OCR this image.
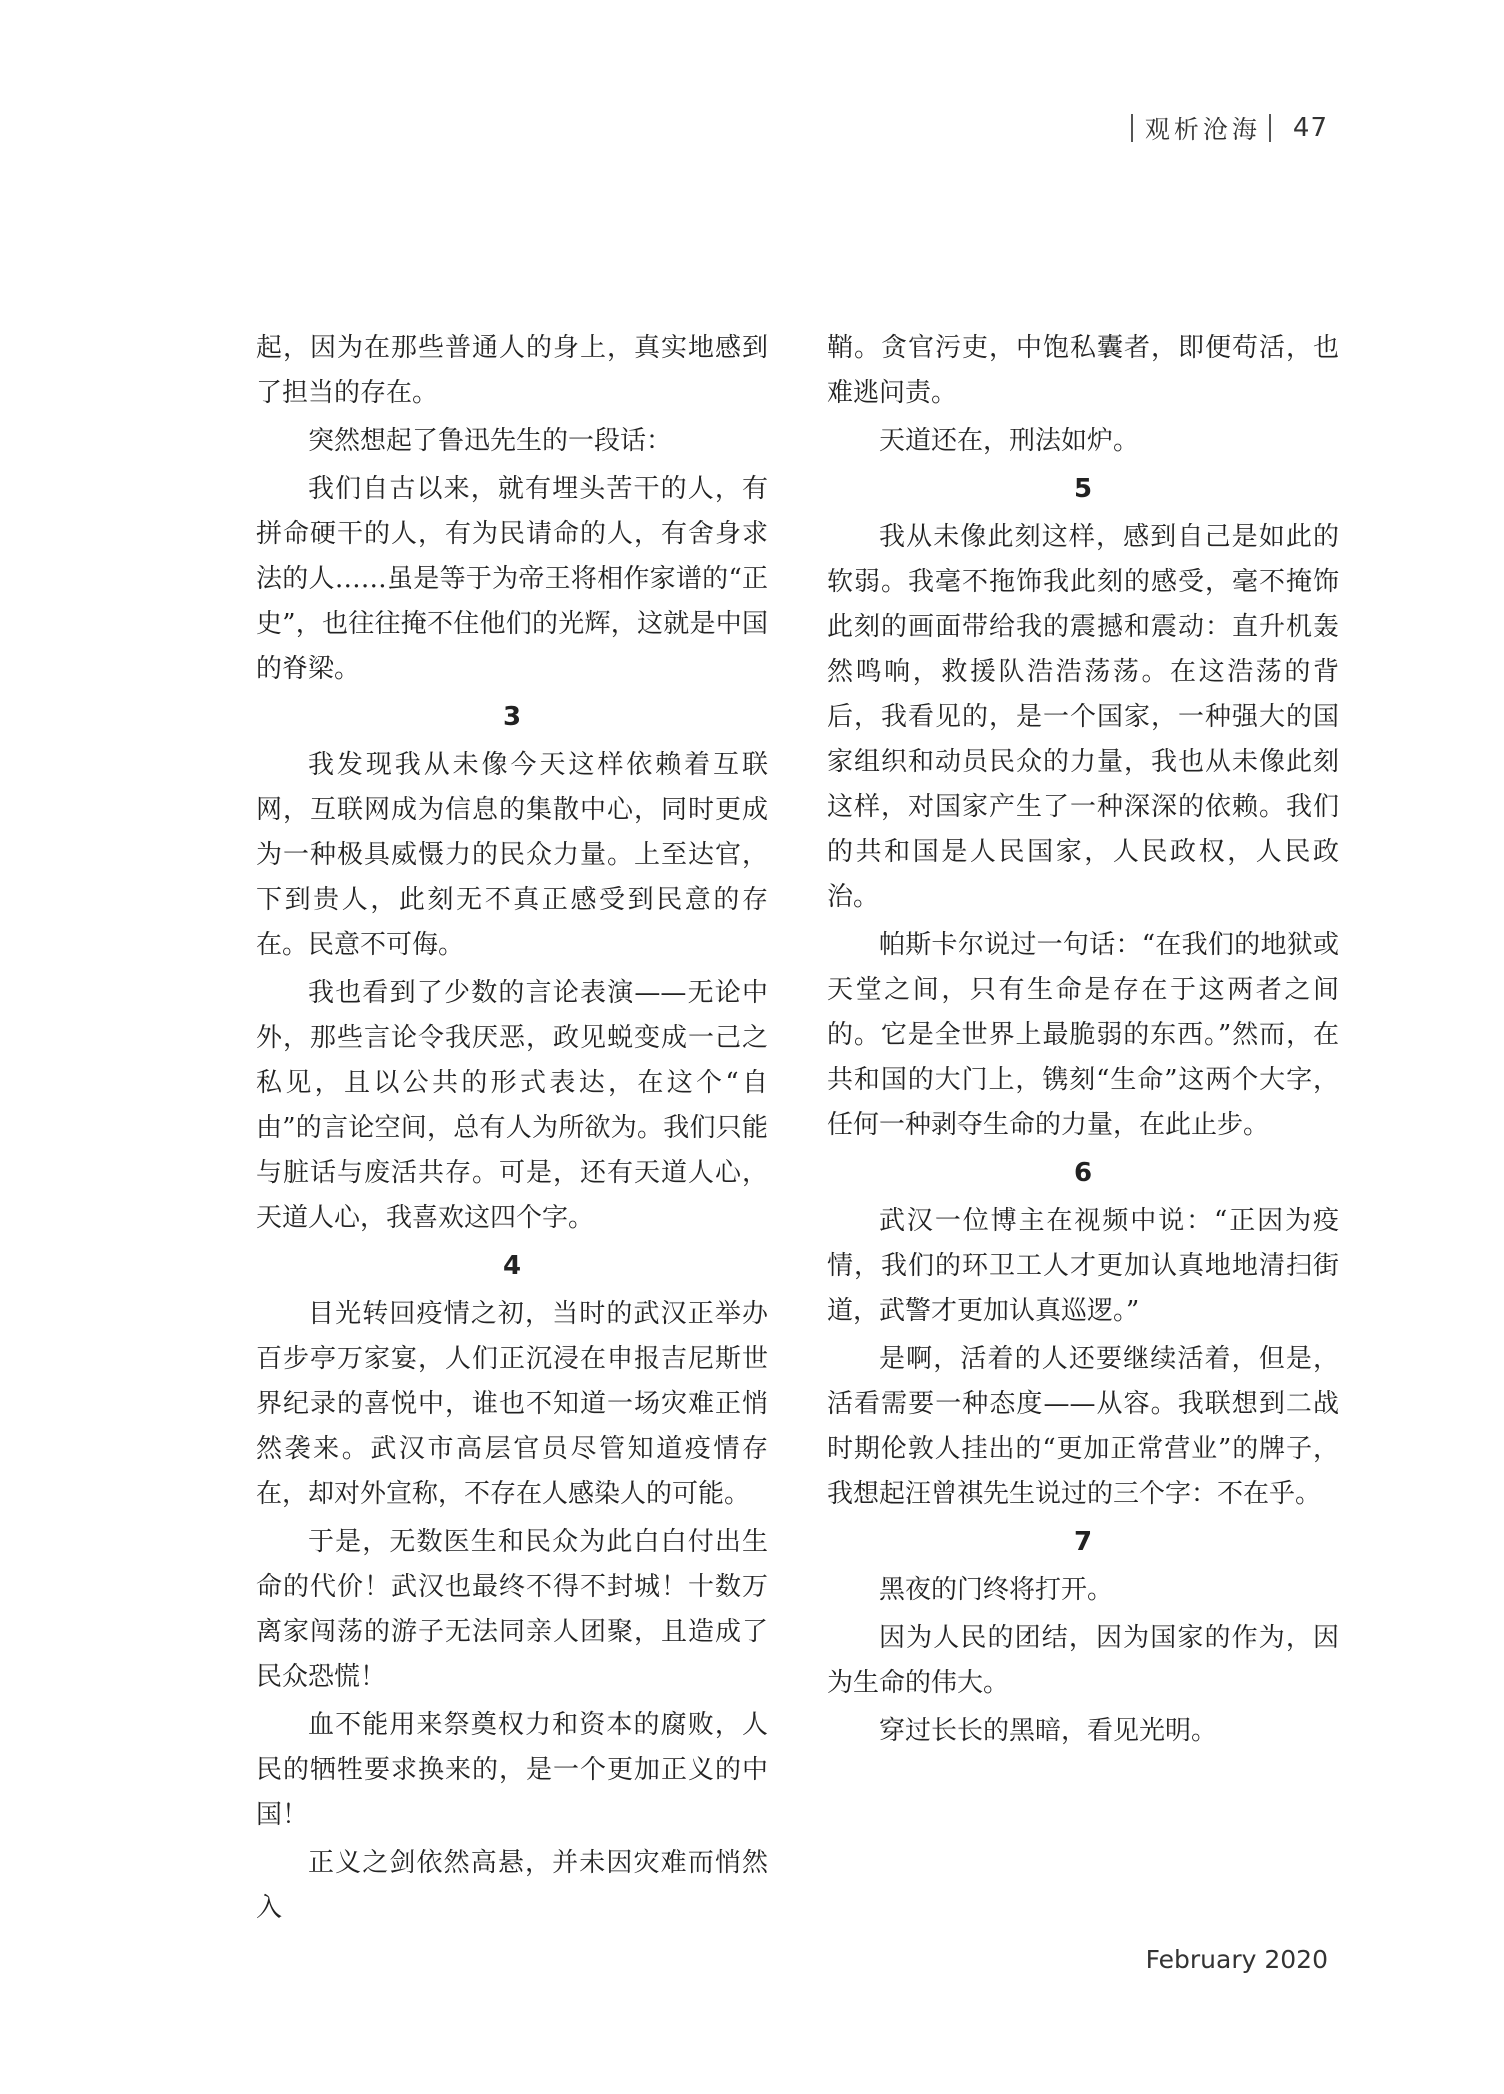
观析沧海 47

起，因为在那些普通人的身上，真实地感到了担当的存在。

突然想起了鲁迅先生的一段话：

我们自古以来，就有埋头苦干的人，有拼命硬干的人，有为民请命的人，有舍身求法的人……虽是等于为帝王将相作家谱的“正史”，也往往掩不住他们的光辉，这就是中国的脊梁。

3

我发现我从未像今天这样依赖着互联网，互联网成为信息的集散中心，同时更成为一种极具威慑力的民众力量。上至达官，下到贵人，此刻无不真正感受到民意的存在。民意不可侮。

我也看到了少数的言论表演——无论中外，那些言论令我厌恶，政见蜕变成一己之私见，且以公共的形式表达，在这个“自由”的言论空间，总有人为所欲为。我们只能与脏话与废活共存。可是，还有天道人心，天道人心，我喜欢这四个字。

4

目光转回疫情之初，当时的武汉正举办百步亭万家宴，人们正沉浸在申报吉尼斯世界纪录的喜悦中，谁也不知道一场灾难正悄然袭来。武汉市高层官员尽管知道疫情存在，却对外宣称，不存在人感染人的可能。

于是，无数医生和民众为此白白付出生命的代价！武汉也最终不得不封城！十数万离家闯荡的游子无法同亲人团聚，且造成了民众恐慌！

血不能用来祭奠权力和资本的腐败，人民的牺牲要求换来的，是一个更加正义的中国！

正义之剑依然高悬，并未因灾难而悄然入

鞘。贪官污吏，中饱私囊者，即便苟活，也难逃问责。

天道还在，刑法如炉。

5

我从未像此刻这样，感到自己是如此的软弱。我毫不拖饰我此刻的感受，毫不掩饰此刻的画面带给我的震撼和震动：直升机轰然鸣响，救援队浩浩荡荡。在这浩荡的背后，我看见的，是一个国家，一种强大的国家组织和动员民众的力量，我也从未像此刻这样，对国家产生了一种深深的依赖。我们的共和国是人民国家，人民政权，人民政治。

帕斯卡尔说过一句话：“在我们的地狱或天堂之间，只有生命是存在于这两者之间的。它是全世界上最脆弱的东西。”然而，在共和国的大门上，镌刻“生命”这两个大字，任何一种剥夺生命的力量，在此止步。

6

武汉一位博主在视频中说：“正因为疫情，我们的环卫工人才更加认真地地清扫街道，武警才更加认真巡逻。”

是啊，活着的人还要继续活着，但是，活看需要一种态度——从容。我联想到二战时期伦敦人挂出的“更加正常营业”的牌子，我想起汪曾祺先生说过的三个字：不在乎。

7

黑夜的门终将打开。

因为人民的团结，因为国家的作为，因为生命的伟大。

穿过长长的黑暗，看见光明。

February 2020
